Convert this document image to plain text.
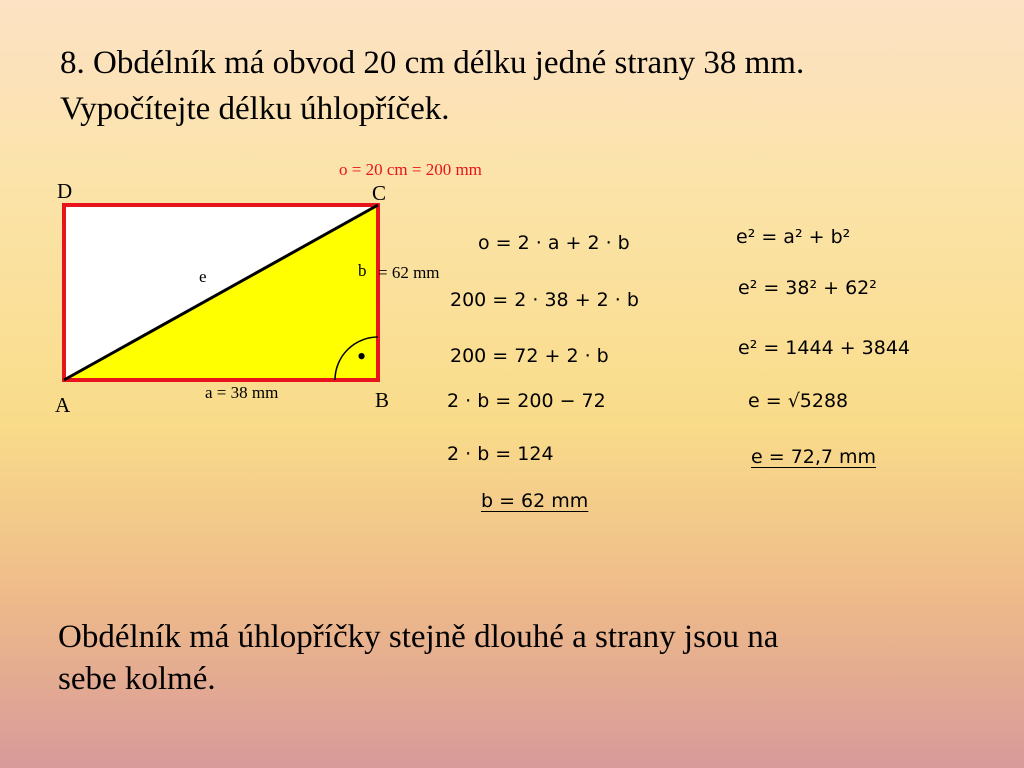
8. Obdélník má obvod 20 cm délku jedné strany 38 mm.
Vypočítejte délku úhlopříček.
o = 20 cm = 200 mm
D	C
A	B
e	b = 62 mm
a = 38 mm
•
o = 2 · a + 2 · b
200 = 2 · 38 + 2 · b
200 = 72 + 2 · b
2 · b = 200 − 72
2 · b = 124
b = 62 mm
e² = a² + b²
e² = 38² + 62²
e² = 1444 + 3844
e = √5288
e = 72,7 mm
Obdélník má úhlopříčky stejně dlouhé a strany jsou na
sebe kolmé.
